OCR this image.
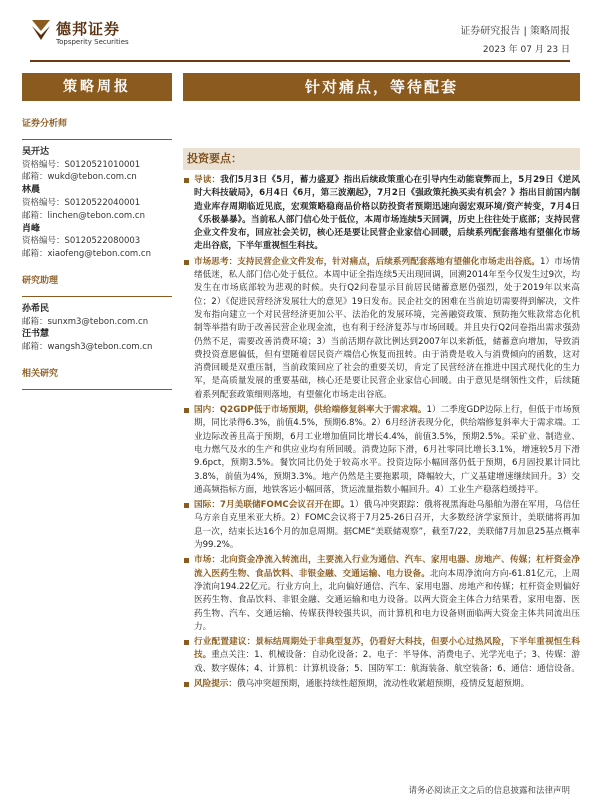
德邦证券
Topsperity Securities
证券研究报告 | 策略周报
2023 年 07 月 23 日
策略周报	针对痛点，等待配套
证券分析师
吴开达
资格编号：S0120521010001
邮箱：wukd@tebon.com.cn
林晨
资格编号：S0120522040001
邮箱：linchen@tebon.com.cn
肖峰
资格编号：S0120522080003
邮箱：xiaofeng@tebon.com.cn
研究助理
孙希民
邮箱：sunxm3@tebon.com.cn
汪书慧
邮箱：wangsh3@tebon.com.cn
相关研究
投资要点：
导读：我们5月3日《5月，蓄力盛夏》指出后续政策重心在引导内生动能衰弊而上，5月29日《逆风时大科技破局》，6月4日《6月，第三波潮起》，7月2日《强政策托换买卖有机会？》指出目前国内制造业库存周期临近见底，宏观策略稳商品价格以防投资者预期迅速向弱宏观环境/资产转变，7月4日《乐极暴暴》。当前私人部门信心处于低位，本周市场连续5天回调，历史上往往处于底部；支持民营企业文件发布，回应社会关切，核心还是要让民营企业家信心回暖，后续系列配套落地有望催化市场走出谷底，下半年重视恒生科技。
市场思考：支持民营企业文件发布，针对痛点，后续系列配套落地有望催化市场走出谷底。1）市场情绪低迷，私人部门信心处于低位。本周中证全指连续5天出现回调，回溯2014年至今仅发生过9次，均发生在市场底部较为悲观的时候。央行Q2问卷显示目前居民储蓄意愿仍强烈，处于2019年以来高位；2）《促进民营经济发展壮大的意见》19日发布。民企社交的困难在当前迫切需要得到解决，文件发布指向建立一个对民营经济更加公平、法治化的发展环境，完善融资政策、预防拖欠账款常态化机制等举措有助于改善民营企业现金流，也有利于经济复苏与市场回暖。并且央行Q2问卷指出需求强劲仍然不足，需要改善消费环境；3）当前活期存款比例达到2007年以来新低，储蓄意向增加，导致消费投资意愿偏低，但有望随着居民资产端信心恢复而扭转。由于消费是收入与消费倾向的函数，这对消费回暖是双重压制，当前政策回应了社会的重要关切，肯定了民营经济在推进中国式现代化的生力军，是高质量发展的重要基础，核心还是要让民营企业家信心回暖。由于意见是纲领性文件，后续随着系列配套政策细则落地，有望催化市场走出谷底。
国内：Q2GDP低于市场预期，供给端修复斜率大于需求端。1）二季度GDP边际上行，但低于市场预期，同比录得6.3%，前值4.5%，预期6.8%。2）6月经济表现分化，供给端修复斜率大于需求端。工业边际改善且高于预期，6月工业增加值同比增长4.4%，前值3.5%，预期2.5%。采矿业、制造业、电力燃气及水的生产和供应业均有所回暖。消费边际下滑，6月社零同比增长3.1%，增速较5月下滑9.6pct，预期3.5%。餐饮同比仍处于较高水平。投资边际小幅回落仍低于预期，6月固投累计同比3.8%，前值为4%，预期3.3%。地产仍然是主要拖累项，降幅较大，广义基建增速继续回升。3）交通高频指标方面，地铁客运小幅回落，货运流量指数小幅回升。4）工业生产稳落趋缓持平。
国际：7月美联储FOMC会议召开在即。1）俄乌冲突跟踪：俄将视黑海赴乌船舶为潜在军用，乌信任乌方亲自克里米亚大桥。2）FOMC会议将于7月25-26日召开，大多数经济学家预计，美联储将再加息一次，结束长达16个月的加息周期。据CME“美联储观察”，截至7/22，美联储7月加息25基点概率为99.2%。
市场：北向资金净流入转流出，主要流入行业为通信、汽车、家用电器、房地产、传媒；杠杆资金净流入医药生物、食品饮料、非银金融、交通运输、电力设备。北向本周净流向方向-61.81亿元，上周净流向194.22亿元。行业方向上，北向偏好通信、汽车、家用电器、房地产和传媒；杠杆资金则偏好医药生物、食品饮料、非银金融、交通运输和电力设备。以两大资金主体合力结果看，家用电器、医药生物、汽车、交通运输、传媒获得较强共识，而计算机和电力设备则面临两大资金主体共同流出压力。
行业配置建议：景标结周期处于非典型复苏，仍看好大科技，但要小心过热风险，下半年重视恒生科技。重点关注：1、机械设备：自动化设备；2、电子：半导体、消费电子、光学光电子；3、传媒：游戏、数字媒体；4、计算机：计算机设备；5、国防军工：航海装备、航空装备；6、通信：通信设备。
风险提示：俄乌冲突超预期，通胀持续性超预期，流动性收紧超预期，疫情反复超预期。
请务必阅读正文之后的信息披露和法律声明
